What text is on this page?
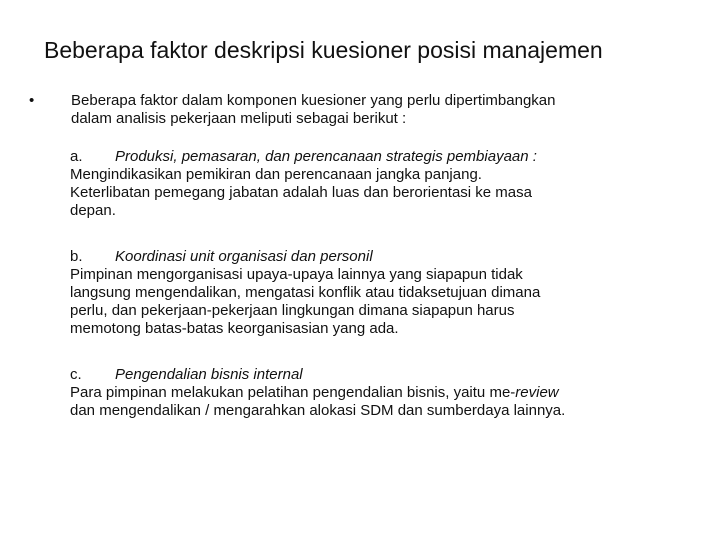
Beberapa faktor deskripsi kuesioner posisi manajemen
•	Beberapa faktor dalam komponen kuesioner yang perlu dipertimbangkan
dalam analisis pekerjaan meliputi sebagai berikut :
a.	Produksi, pemasaran, dan perencanaan strategis pembiayaan :
Mengindikasikan pemikiran dan perencanaan jangka panjang.
Keterlibatan pemegang jabatan adalah luas dan berorientasi ke masa
depan.
b.	Koordinasi unit organisasi dan personil
Pimpinan mengorganisasi upaya-upaya lainnya yang siapapun tidak
langsung mengendalikan, mengatasi konflik atau tidaksetujuan dimana
perlu, dan pekerjaan-pekerjaan lingkungan dimana siapapun harus
memotong batas-batas keorganisasian yang ada.
c.	Pengendalian bisnis internal
Para pimpinan melakukan pelatihan pengendalian bisnis, yaitu me-review
dan mengendalikan / mengarahkan alokasi SDM dan sumberdaya lainnya.
